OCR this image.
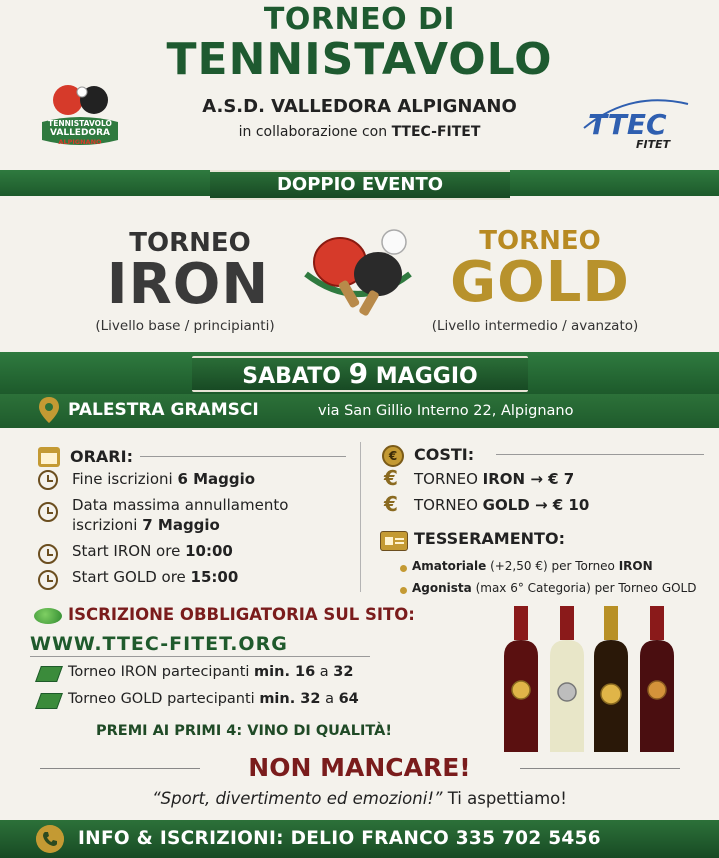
TORNEO DI
TENNISTAVOLO
A.S.D. VALLEDORA ALPIGNANO
in collaborazione con TTEC-FITET
TENNISTAVOLO
VALLEDORA
ALPIGNANO
TTEC
FITET
DOPPIO EVENTO
TORNEO
IRON
(Livello base / principianti)
TORNEO
GOLD
(Livello intermedio / avanzato)
SABATO 9 MAGGIO
PALESTRA GRAMSCI	via San Gillio Interno 22, Alpignano
ORARI:
Fine iscrizioni 6 Maggio
Data massima annullamento
iscrizioni 7 Maggio
Start IRON ore 10:00
Start GOLD ore 15:00
€	COSTI:
€ TORNEO IRON → € 7
€ TORNEO GOLD → € 10
TESSERAMENTO:
Amatoriale (+2,50 €) per Torneo IRON
Agonista (max 6° Categoria) per Torneo GOLD
ISCRIZIONE OBBLIGATORIA SUL SITO:
WWW.TTEC-FITET.ORG
Torneo IRON partecipanti min. 16 a 32
Torneo GOLD partecipanti min. 32 a 64
PREMI AI PRIMI 4: VINO DI QUALITÀ!
NON MANCARE!
“Sport, divertimento ed emozioni!” Ti aspettiamo!
INFO & ISCRIZIONI: DELIO FRANCO 335 702 5456
